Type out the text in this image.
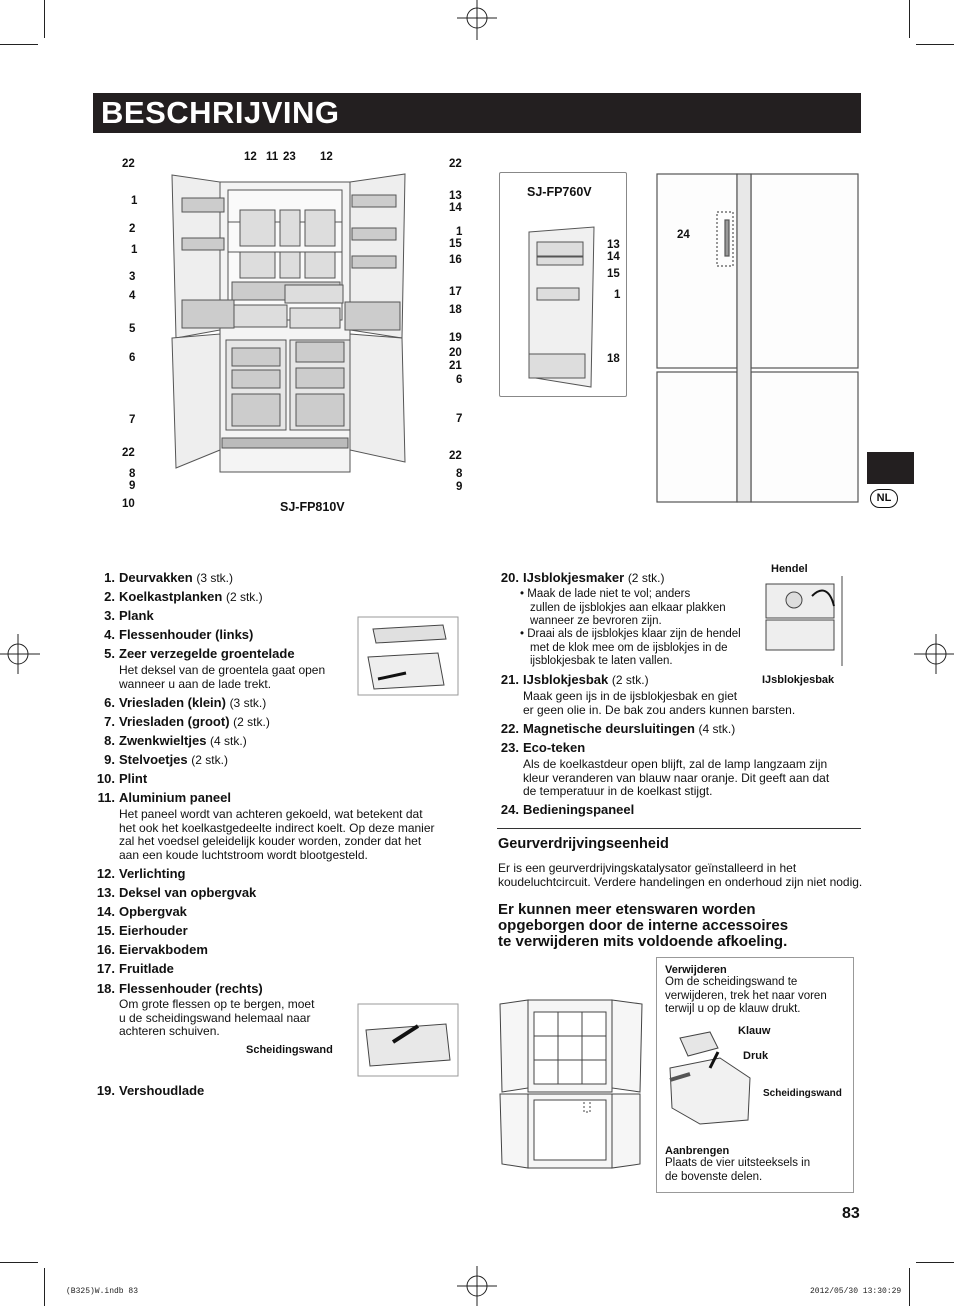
BESCHRIJVING
12 11 23 12
22
1
2
1
3
4
5
6
7
22
8
9
10
22
13
14
1
15
16
17
18
19
20
21
6
7
22
8
9
SJ-FP810V
SJ-FP760V
13
14
15
1
18
24
NL
1. Deurvakken (3 stk.)
2. Koelkastplanken (2 stk.)
3. Plank
4. Flessenhouder (links)
5. Zeer verzegelde groentelade
Het deksel van de groentela gaat open
wanneer u aan de lade trekt.
6. Vriesladen (klein) (3 stk.)
7. Vriesladen (groot) (2 stk.)
8. Zwenkwieltjes (4 stk.)
9. Stelvoetjes (2 stk.)
10. Plint
11. Aluminium paneel
Het paneel wordt van achteren gekoeld, wat betekent dat
het ook het koelkastgedeelte indirect koelt. Op deze manier
zal het voedsel geleidelijk kouder worden, zonder dat het
aan een koude luchtstroom wordt blootgesteld.
12. Verlichting
13. Deksel van opbergvak
14. Opbergvak
15. Eierhouder
16. Eiervakbodem
17. Fruitlade
18. Flessenhouder (rechts)
Om grote flessen op te bergen, moet
u de scheidingswand helemaal naar
achteren schuiven.
Scheidingswand
19. Vershoudlade
20. IJsblokjesmaker (2 stk.)
• Maak de lade niet te vol; anders
zullen de ijsblokjes aan elkaar plakken
wanneer ze bevroren zijn.
• Draai als de ijsblokjes klaar zijn de hendel
met de klok mee om de ijsblokjes in de
ijsblokjesbak te laten vallen.
Hendel
IJsblokjesbak
21. IJsblokjesbak (2 stk.)
Maak geen ijs in de ijsblokjesbak en giet
er geen olie in. De bak zou anders kunnen barsten.
22. Magnetische deursluitingen (4 stk.)
23. Eco-teken
Als de koelkastdeur open blijft, zal de lamp langzaam zijn
kleur veranderen van blauw naar oranje. Dit geeft aan dat
de temperatuur in de koelkast stijgt.
24. Bedieningspaneel
Geurverdrijvingseenheid
Er is een geurverdrijvingskatalysator geïnstalleerd in het
koudeluchtcircuit. Verdere handelingen en onderhoud zijn niet nodig.
Er kunnen meer etenswaren worden
opgeborgen door de interne accessoires
te verwijderen mits voldoende afkoeling.
Verwijderen
Om de scheidingswand te
verwijderen, trek het naar voren
terwijl u op de klauw drukt.
Klauw
Druk
Scheidingswand
Aanbrengen
Plaats de vier uitsteeksels in
de bovenste delen.
83
(B325)W.indb 83	2012/05/30 13:30:29
